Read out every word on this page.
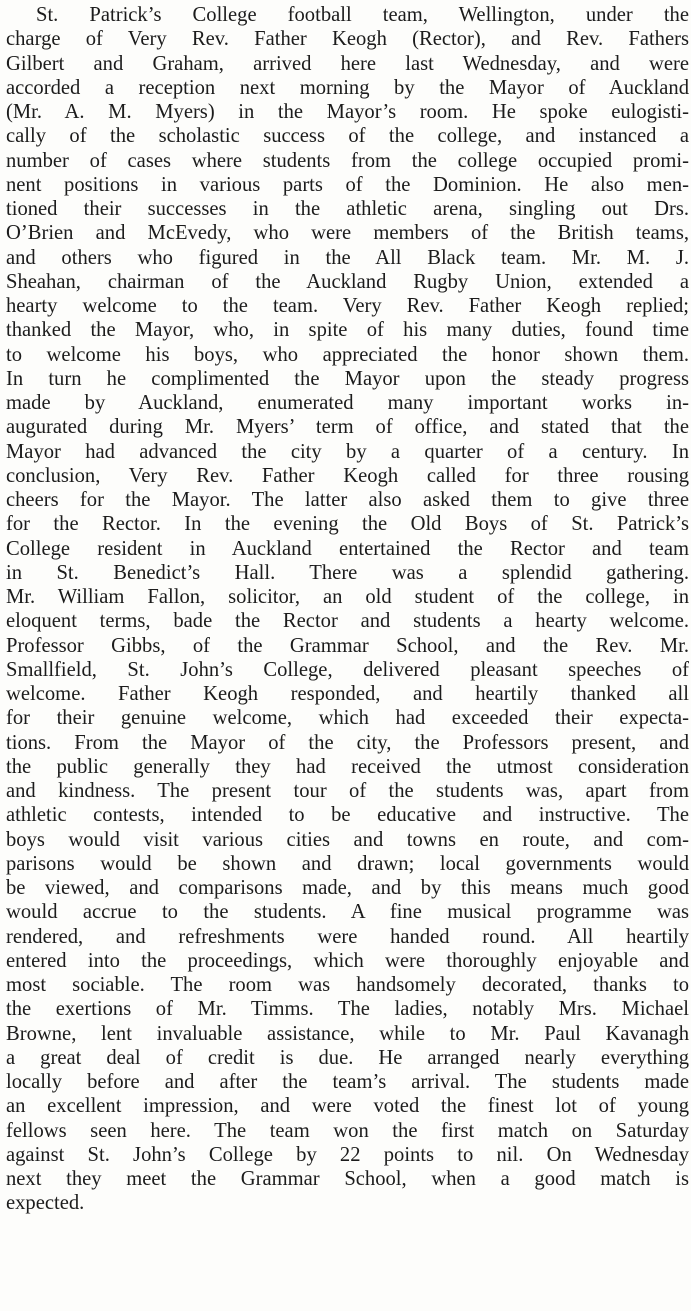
St. Patrick’s College football team, Wellington, under the
charge of Very Rev. Father Keogh (Rector), and Rev. Fathers
Gilbert and Graham, arrived here last Wednesday, and were
accorded a reception next morning by the Mayor of Auckland
(Mr. A. M. Myers) in the Mayor’s room. He spoke eulogisti-
cally of the scholastic success of the college, and instanced a
number of cases where students from the college occupied promi-
nent positions in various parts of the Dominion. He also men-
tioned their successes in the athletic arena, singling out Drs.
O’Brien and McEvedy, who were members of the British teams,
and others who figured in the All Black team. Mr. M. J.
Sheahan, chairman of the Auckland Rugby Union, extended a
hearty welcome to the team. Very Rev. Father Keogh replied;
thanked the Mayor, who, in spite of his many duties, found time
to welcome his boys, who appreciated the honor shown them.
In turn he complimented the Mayor upon the steady progress
made by Auckland, enumerated many important works in-
augurated during Mr. Myers’ term of office, and stated that the
Mayor had advanced the city by a quarter of a century. In
conclusion, Very Rev. Father Keogh called for three rousing
cheers for the Mayor. The latter also asked them to give three
for the Rector. In the evening the Old Boys of St. Patrick’s
College resident in Auckland entertained the Rector and team
in St. Benedict’s Hall. There was a splendid gathering.
Mr. William Fallon, solicitor, an old student of the college, in
eloquent terms, bade the Rector and students a hearty welcome.
Professor Gibbs, of the Grammar School, and the Rev. Mr.
Smallfield, St. John’s College, delivered pleasant speeches of
welcome. Father Keogh responded, and heartily thanked all
for their genuine welcome, which had exceeded their expecta-
tions. From the Mayor of the city, the Professors present, and
the public generally they had received the utmost consideration
and kindness. The present tour of the students was, apart from
athletic contests, intended to be educative and instructive. The
boys would visit various cities and towns en route, and com-
parisons would be shown and drawn; local governments would
be viewed, and comparisons made, and by this means much good
would accrue to the students. A fine musical programme was
rendered, and refreshments were handed round. All heartily
entered into the proceedings, which were thoroughly enjoyable and
most sociable. The room was handsomely decorated, thanks to
the exertions of Mr. Timms. The ladies, notably Mrs. Michael
Browne, lent invaluable assistance, while to Mr. Paul Kavanagh
a great deal of credit is due. He arranged nearly everything
locally before and after the team’s arrival. The students made
an excellent impression, and were voted the finest lot of young
fellows seen here. The team won the first match on Saturday
against St. John’s College by 22 points to nil. On Wednesday
next they meet the Grammar School, when a good match is
expected.
